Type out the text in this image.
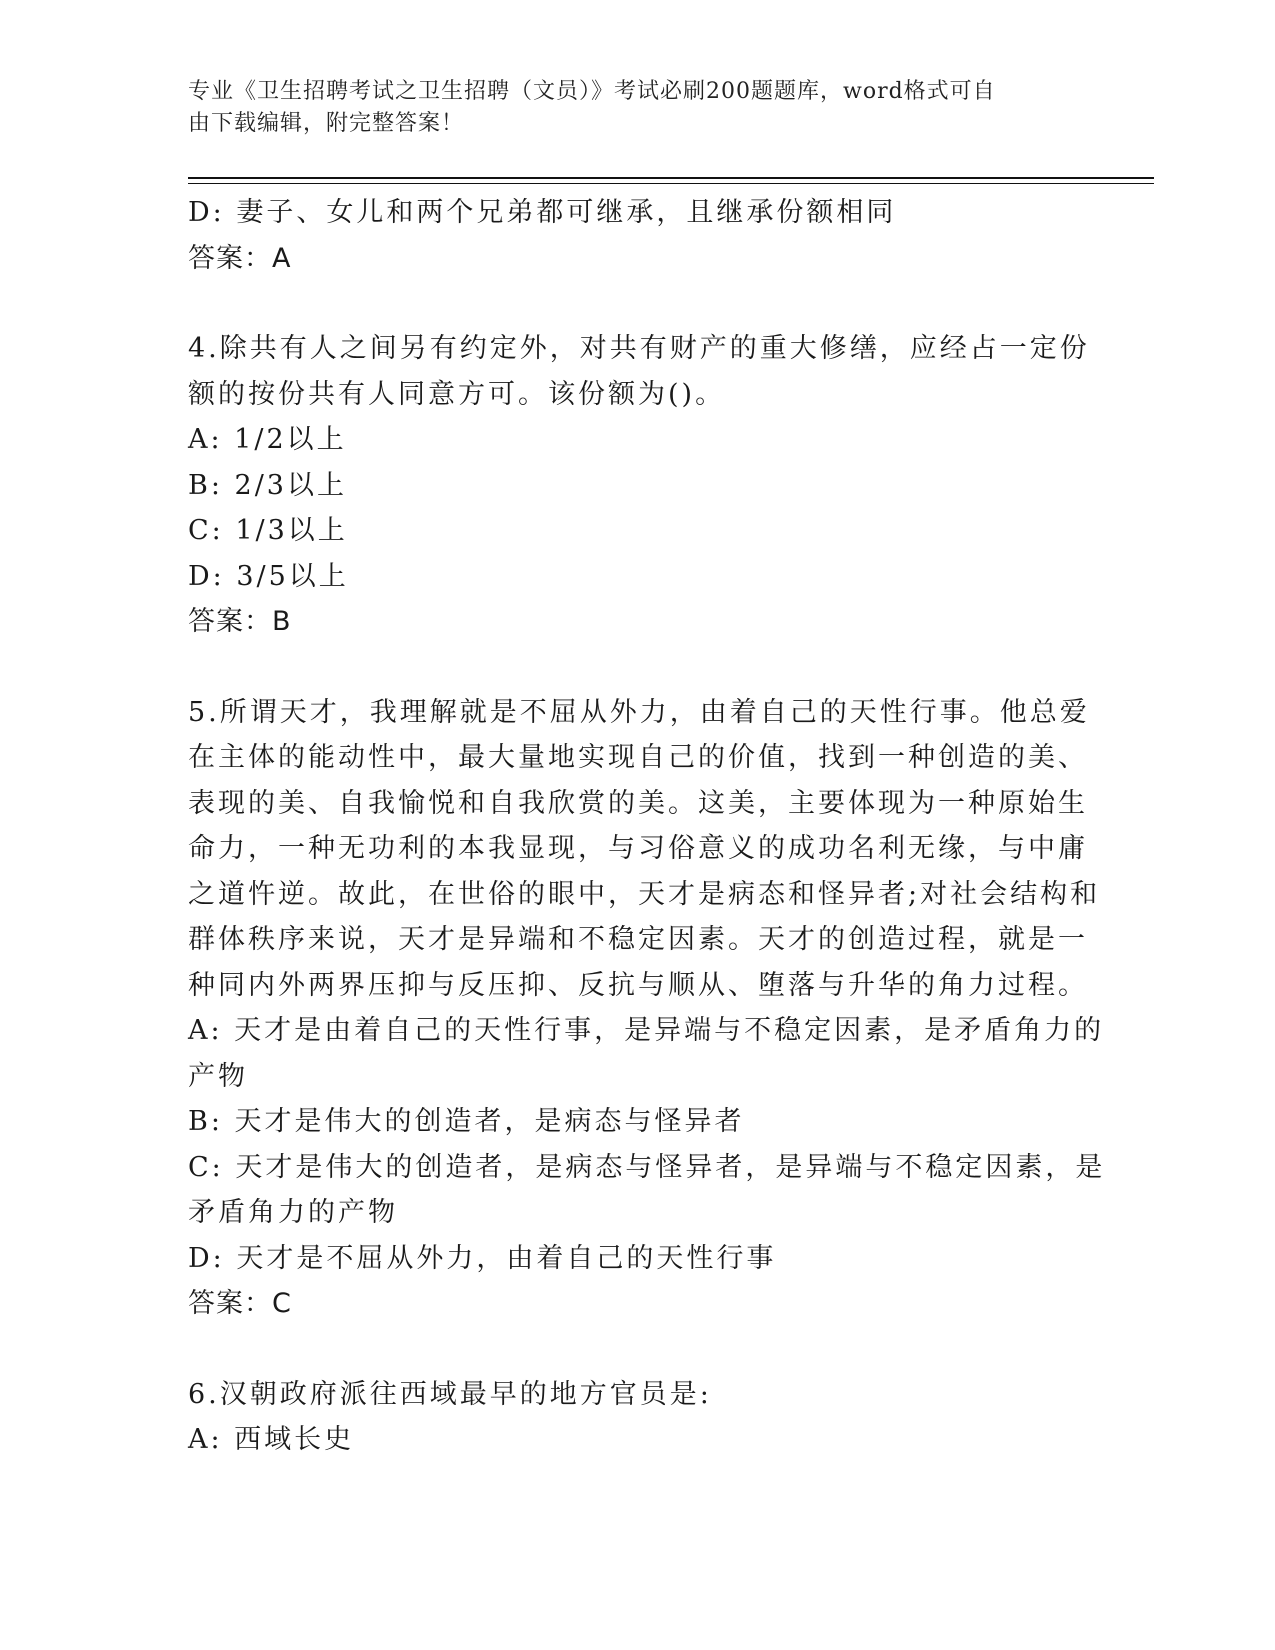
专业《卫生招聘考试之卫生招聘（文员）》考试必刷200题题库，word格式可自
由下载编辑，附完整答案！
D: 妻子、女儿和两个兄弟都可继承，且继承份额相同
答案：A
4.除共有人之间另有约定外，对共有财产的重大修缮，应经占一定份
额的按份共有人同意方可。该份额为()。
A: 1/2以上
B: 2/3以上
C: 1/3以上
D: 3/5以上
答案：B
5.所谓天才，我理解就是不屈从外力，由着自己的天性行事。他总爱
在主体的能动性中，最大量地实现自己的价值，找到一种创造的美、
表现的美、自我愉悦和自我欣赏的美。这美，主要体现为一种原始生
命力，一种无功利的本我显现，与习俗意义的成功名利无缘，与中庸
之道忤逆。故此，在世俗的眼中，天才是病态和怪异者;对社会结构和
群体秩序来说，天才是异端和不稳定因素。天才的创造过程，就是一
种同内外两界压抑与反压抑、反抗与顺从、堕落与升华的角力过程。
A: 天才是由着自己的天性行事，是异端与不稳定因素，是矛盾角力的
产物
B: 天才是伟大的创造者，是病态与怪异者
C: 天才是伟大的创造者，是病态与怪异者，是异端与不稳定因素，是
矛盾角力的产物
D: 天才是不屈从外力，由着自己的天性行事
答案：C
6.汉朝政府派往西域最早的地方官员是:
A: 西域长史
